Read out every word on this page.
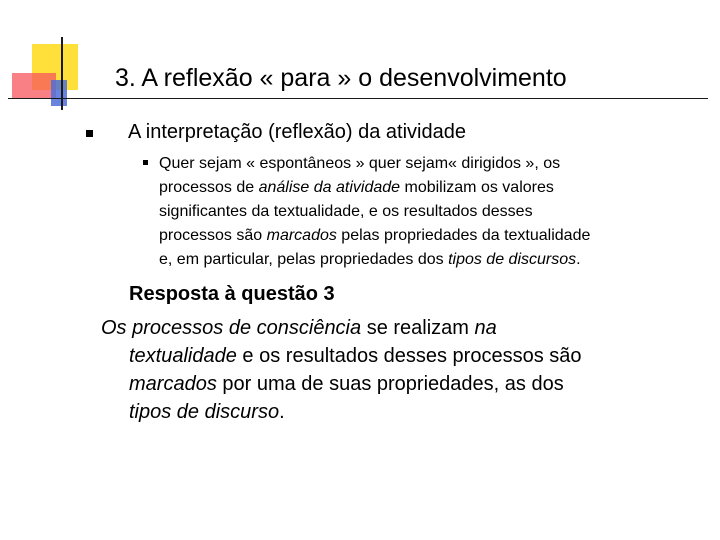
3. A reflexão « para » o desenvolvimento
A interpretação (reflexão) da atividade
Quer sejam « espontâneos » quer sejam« dirigidos », os
processos de análise da atividade mobilizam os valores
significantes da textualidade, e os resultados desses
processos são marcados pelas propriedades da textualidade
e, em particular, pelas propriedades dos tipos de discursos.
Resposta à questão 3
Os processos de consciência se realizam na
textualidade e os resultados desses processos são
marcados por uma de suas propriedades, as dos
tipos de discurso.
